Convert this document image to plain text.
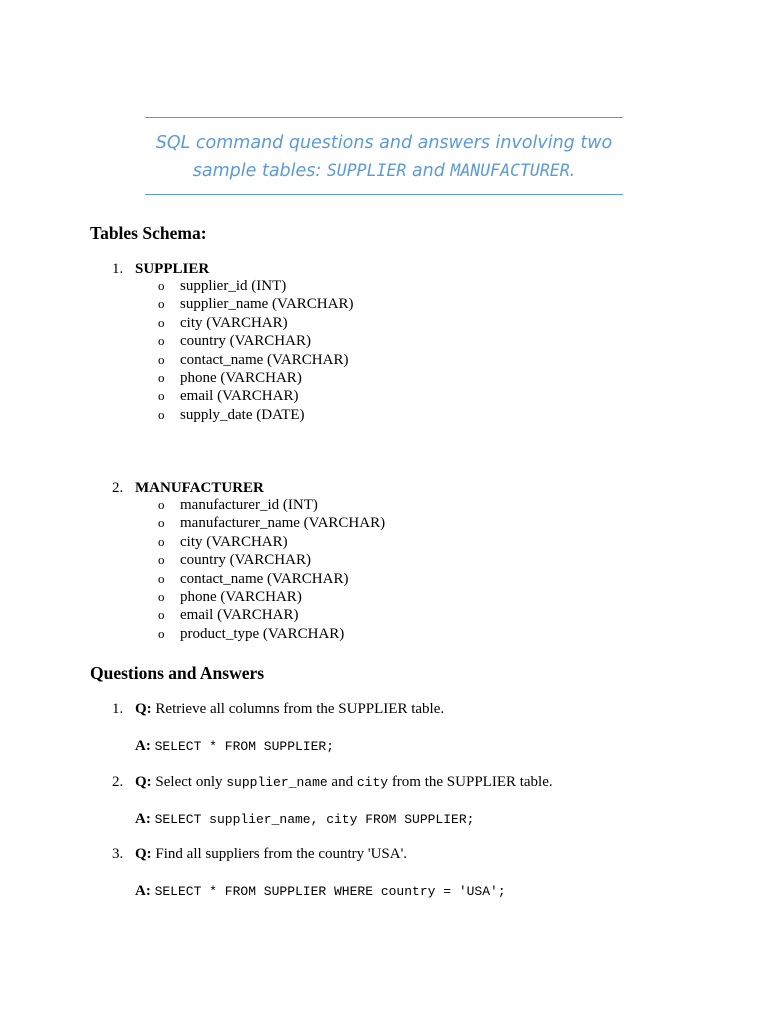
SQL command questions and answers involving two
sample tables: SUPPLIER and MANUFACTURER.
Tables Schema:
1. SUPPLIER
o supplier_id (INT)
o supplier_name (VARCHAR)
o city (VARCHAR)
o country (VARCHAR)
o contact_name (VARCHAR)
o phone (VARCHAR)
o email (VARCHAR)
o supply_date (DATE)
2. MANUFACTURER
o manufacturer_id (INT)
o manufacturer_name (VARCHAR)
o city (VARCHAR)
o country (VARCHAR)
o contact_name (VARCHAR)
o phone (VARCHAR)
o email (VARCHAR)
o product_type (VARCHAR)
Questions and Answers
1. Q: Retrieve all columns from the SUPPLIER table.
A: SELECT * FROM SUPPLIER;
2. Q: Select only supplier_name and city from the SUPPLIER table.
A: SELECT supplier_name, city FROM SUPPLIER;
3. Q: Find all suppliers from the country 'USA'.
A: SELECT * FROM SUPPLIER WHERE country = 'USA';
